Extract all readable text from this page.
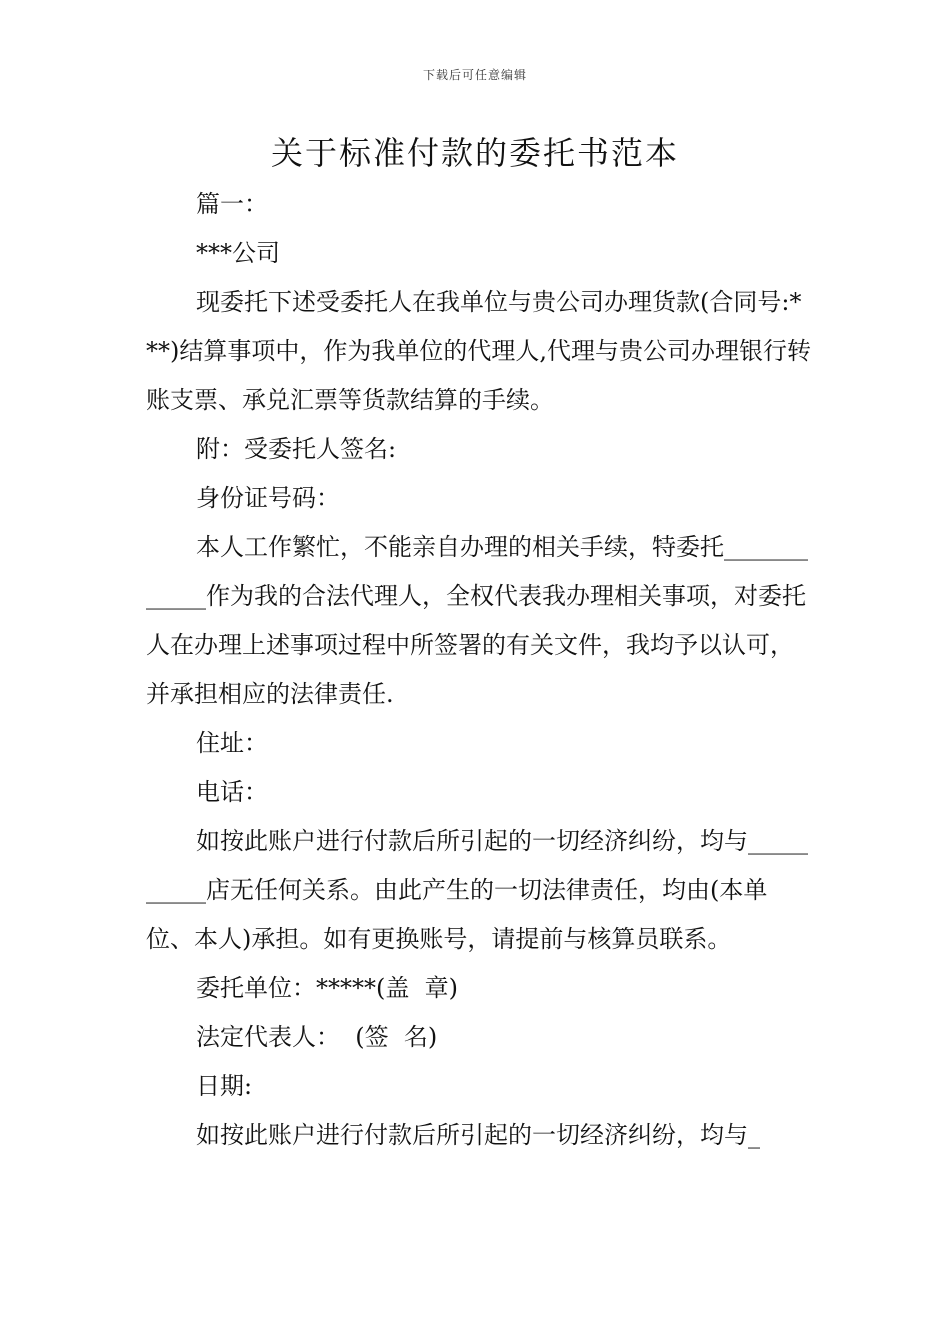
下载后可任意编辑
关于标准付款的委托书范本

篇一：

***公司

现委托下述受委托人在我单位与贵公司办理货款(合同号:***)结算事项中，作为我单位的代理人,代理与贵公司办理银行转账支票、承兑汇票等货款结算的手续。

附：受委托人签名:

身份证号码：

本人工作繁忙，不能亲自办理的相关手续，特委托____________作为我的合法代理人，全权代表我办理相关事项，对委托人在办理上述事项过程中所签署的有关文件，我均予以认可，并承担相应的法律责任.

住址：

电话：

如按此账户进行付款后所引起的一切经济纠纷，均与__________店无任何关系。由此产生的一切法律责任，均由(本单位、本人)承担。如有更换账号，请提前与核算员联系。

委托单位：*****(盖  章)

法定代表人：  (签  名)

日期:

如按此账户进行付款后所引起的一切经济纠纷，均与_
